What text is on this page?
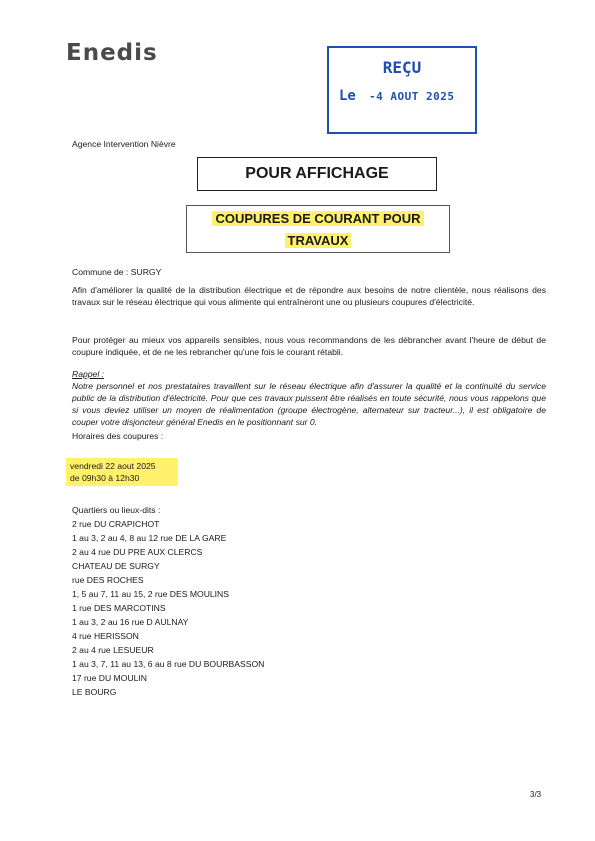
Enedis
REÇU
Le -4 AOUT 2025
Agence Intervention Nièvre
POUR AFFICHAGE
COUPURES DE COURANT POUR
TRAVAUX
Commune de : SURGY
Afin d'améliorer la qualité de la distribution électrique et de répondre aux besoins de notre clientèle, nous réalisons des travaux sur le réseau électrique qui vous alimente qui entraîneront une ou plusieurs coupures d'électricité.
Pour protéger au mieux vos appareils sensibles, nous vous recommandons de les débrancher avant l'heure de début de coupure indiquée, et de ne les rebrancher qu'une fois le courant rétabli.
Rappel :
Notre personnel et nos prestataires travaillent sur le réseau électrique afin d'assurer la qualité et la continuité du service public de la distribution d'électricité. Pour que ces travaux puissent être réalisés en toute sécurité, nous vous rappelons que si vous deviez utiliser un moyen de réalimentation (groupe électrogène, alternateur sur tracteur...), il est obligatoire de couper votre disjoncteur général Enedis en le positionnant sur 0.
Horaires des coupures :
vendredi 22 aout 2025
de 09h30 à 12h30
Quartiers ou lieux-dits :
2 rue DU CRAPICHOT
1 au 3, 2 au 4, 8 au 12 rue DE LA GARE
2 au 4 rue DU PRE AUX CLERCS
CHATEAU DE SURGY
rue DES ROCHES
1, 5 au 7, 11 au 15, 2 rue DES MOULINS
1 rue DES MARCOTINS
1 au 3, 2 au 16 rue D AULNAY
4 rue HERISSON
2 au 4 rue LESUEUR
1 au 3, 7, 11 au 13, 6 au 8 rue DU BOURBASSON
17 rue DU MOULIN
LE BOURG
3/3
